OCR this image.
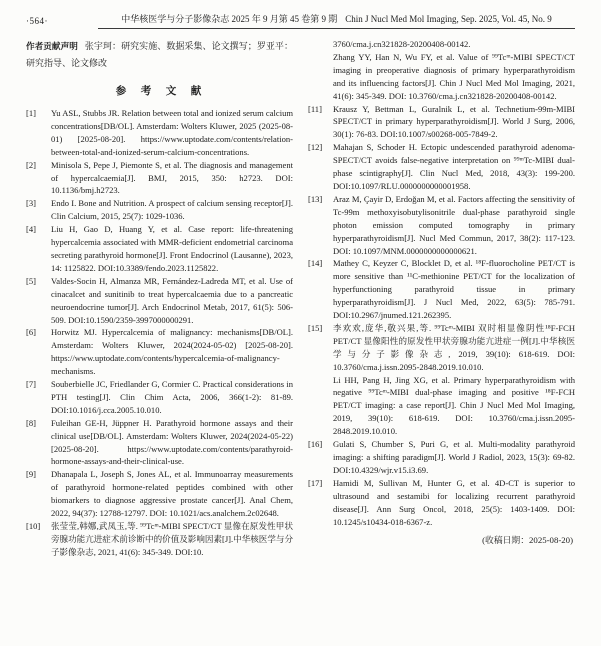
·564·	中华核医学与分子影像杂志 2025 年 9 月第 45 卷第 9 期 Chin J Nucl Med Mol Imaging, Sep. 2025, Vol. 45, No. 9

作者贡献声明 张宇珂：研究实施、数据采集、论文撰写；罗亚平：研究指导、论文修改

参　考　文　献
[1]	Yu ASL, Stubbs JR. Relation between total and ionized serum calcium concentrations[DB/OL]. Amsterdam: Wolters Kluwer, 2025 (2025-08-01) [2025-08-20]. https://www.uptodate.com/contents/relation-between-total-and-ionized-serum-calcium-concentrations.
[2]	Minisola S, Pepe J, Piemonte S, et al. The diagnosis and management of hypercalcaemia[J]. BMJ, 2015, 350: h2723. DOI: 10.1136/bmj.h2723.
[3]	Endo I. Bone and Nutrition. A prospect of calcium sensing receptor[J]. Clin Calcium, 2015, 25(7): 1029-1036.
[4]	Liu H, Gao D, Huang Y, et al. Case report: life-threatening hypercalcemia associated with MMR-deficient endometrial carcinoma secreting parathyroid hormone[J]. Front Endocrinol (Lausanne), 2023, 14: 1125822. DOI:10.3389/fendo.2023.1125822.
[5]	Valdes-Socin H, Almanza MR, Fernández-Ladreda MT, et al. Use of cinacalcet and sunitinib to treat hypercalcaemia due to a pancreatic neuroendocrine tumor[J]. Arch Endocrinol Metab, 2017, 61(5): 506-509. DOI:10.1590/2359-3997000000291.
[6]	Horwitz MJ. Hypercalcemia of malignancy: mechanisms[DB/OL]. Amsterdam: Wolters Kluwer, 2024(2024-05-02) [2025-08-20]. https://www.uptodate.com/contents/hypercalcemia-of-malignancy-mechanisms.
[7]	Souberbielle JC, Friedlander G, Cormier C. Practical considerations in PTH testing[J]. Clin Chim Acta, 2006, 366(1-2): 81-89. DOI:10.1016/j.cca.2005.10.010.
[8]	Fuleihan GE-H, Jüppner H. Parathyroid hormone assays and their clinical use[DB/OL]. Amsterdam: Wolters Kluwer, 2024(2024-05-22) [2025-08-20]. https://www.uptodate.com/contents/parathyroid-hormone-assays-and-their-clinical-use.
[9]	Dhanapala L, Joseph S, Jones AL, et al. Immunoarray measurements of parathyroid hormone-related peptides combined with other biomarkers to diagnose aggressive prostate cancer[J]. Anal Chem, 2022, 94(37): 12788-12797. DOI: 10.1021/acs.analchem.2c02648.
[10]	张莹莹,韩娜,武凤玉,等. ⁹⁹Tcᵐ-MIBI SPECT/CT 显像在原发性甲状旁腺功能亢进症术前诊断中的价值及影响因素[J].中华核医学与分子影像杂志, 2021, 41(6): 345-349. DOI:10.
3760/cma.j.cn321828-20200408-00142.
Zhang YY, Han N, Wu FY, et al. Value of ⁹⁹Tcᵐ-MIBI SPECT/CT imaging in preoperative diagnosis of primary hyperparathyroidism and its influencing factors[J]. Chin J Nucl Med Mol Imaging, 2021, 41(6): 345-349. DOI: 10.3760/cma.j.cn321828-20200408-00142.
[11]	Krausz Y, Bettman L, Guralnik L, et al. Technetium-99m-MIBI SPECT/CT in primary hyperparathyroidism[J]. World J Surg, 2006, 30(1): 76-83. DOI:10.1007/s00268-005-7849-2.
[12]	Mahajan S, Schoder H. Ectopic undescended parathyroid adenoma-SPECT/CT avoids false-negative interpretation on ⁹⁹ᵐTc-MIBI dual-phase scintigraphy[J]. Clin Nucl Med, 2018, 43(3): 199-200. DOI:10.1097/RLU.0000000000001958.
[13]	Araz M, Çayir D, Erdoğan M, et al. Factors affecting the sensitivity of Tc-99m methoxyisobutylisonitrile dual-phase parathyroid single photon emission computed tomography in primary hyperparathyroidism[J]. Nucl Med Commun, 2017, 38(2): 117-123. DOI: 10.1097/MNM.0000000000000621.
[14]	Mathey C, Keyzer C, Blocklet D, et al. ¹⁸F-fluorocholine PET/CT is more sensitive than ¹¹C-methionine PET/CT for the localization of hyperfunctioning parathyroid tissue in primary hyperparathyroidism[J]. J Nucl Med, 2022, 63(5): 785-791. DOI:10.2967/jnumed.121.262395.
[15]	李欢欢,庞华,敬兴果,等. ⁹⁹Tcᵐ-MIBI 双时相显像阴性¹⁸F-FCH PET/CT 显像阳性的原发性甲状旁腺功能亢进症一例[J].中华核医学与分子影像杂志, 2019, 39(10): 618-619. DOI: 10.3760/cma.j.issn.2095-2848.2019.10.010.
Li HH, Pang H, Jing XG, et al. Primary hyperparathyroidism with negative ⁹⁹Tcᵐ-MIBI dual-phase imaging and positive ¹⁸F-FCH PET/CT imaging: a case report[J]. Chin J Nucl Med Mol Imaging, 2019, 39(10): 618-619. DOI: 10.3760/cma.j.issn.2095-2848.2019.10.010.
[16]	Gulati S, Chumber S, Puri G, et al. Multi-modality parathyroid imaging: a shifting paradigm[J]. World J Radiol, 2023, 15(3): 69-82. DOI:10.4329/wjr.v15.i3.69.
[17]	Hamidi M, Sullivan M, Hunter G, et al. 4D-CT is superior to ultrasound and sestamibi for localizing recurrent parathyroid disease[J]. Ann Surg Oncol, 2018, 25(5): 1403-1409. DOI: 10.1245/s10434-018-6367-z.

(收稿日期：2025-08-20)
